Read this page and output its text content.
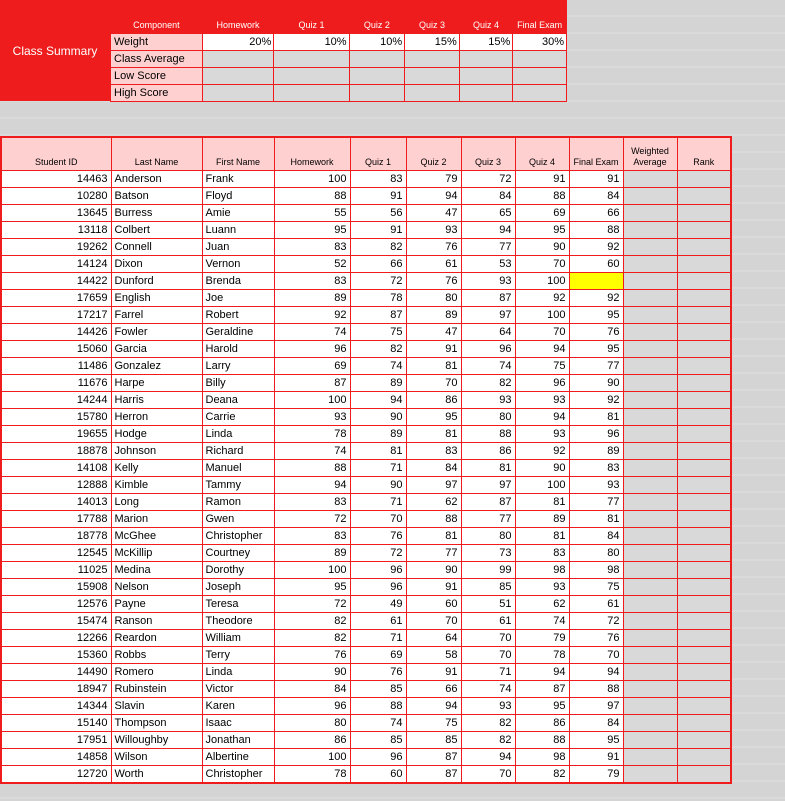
Class Summary
Component	Homework	Quiz 1	Quiz 2	Quiz 3	Quiz 4	Final Exam
Weight	20%	10%	10%	15%	15%	30%
Class Average						
Low Score						
High Score						
Student ID	Last Name	First Name	Homework	Quiz 1	Quiz 2	Quiz 3	Quiz 4	Final Exam	Weighted Average	Rank
14463	Anderson	Frank	100	83	79	72	91	91		
10280	Batson	Floyd	88	91	94	84	88	84		
13645	Burress	Amie	55	56	47	65	69	66		
13118	Colbert	Luann	95	91	93	94	95	88		
19262	Connell	Juan	83	82	76	77	90	92		
14124	Dixon	Vernon	52	66	61	53	70	60		
14422	Dunford	Brenda	83	72	76	93	100			
17659	English	Joe	89	78	80	87	92	92		
17217	Farrel	Robert	92	87	89	97	100	95		
14426	Fowler	Geraldine	74	75	47	64	70	76		
15060	Garcia	Harold	96	82	91	96	94	95		
11486	Gonzalez	Larry	69	74	81	74	75	77		
11676	Harpe	Billy	87	89	70	82	96	90		
14244	Harris	Deana	100	94	86	93	93	92		
15780	Herron	Carrie	93	90	95	80	94	81		
19655	Hodge	Linda	78	89	81	88	93	96		
18878	Johnson	Richard	74	81	83	86	92	89		
14108	Kelly	Manuel	88	71	84	81	90	83		
12888	Kimble	Tammy	94	90	97	97	100	93		
14013	Long	Ramon	83	71	62	87	81	77		
17788	Marion	Gwen	72	70	88	77	89	81		
18778	McGhee	Christopher	83	76	81	80	81	84		
12545	McKillip	Courtney	89	72	77	73	83	80		
11025	Medina	Dorothy	100	96	90	99	98	98		
15908	Nelson	Joseph	95	96	91	85	93	75		
12576	Payne	Teresa	72	49	60	51	62	61		
15474	Ranson	Theodore	82	61	70	61	74	72		
12266	Reardon	William	82	71	64	70	79	76		
15360	Robbs	Terry	76	69	58	70	78	70		
14490	Romero	Linda	90	76	91	71	94	94		
18947	Rubinstein	Victor	84	85	66	74	87	88		
14344	Slavin	Karen	96	88	94	93	95	97		
15140	Thompson	Isaac	80	74	75	82	86	84		
17951	Willoughby	Jonathan	86	85	85	82	88	95		
14858	Wilson	Albertine	100	96	87	94	98	91		
12720	Worth	Christopher	78	60	87	70	82	79		
